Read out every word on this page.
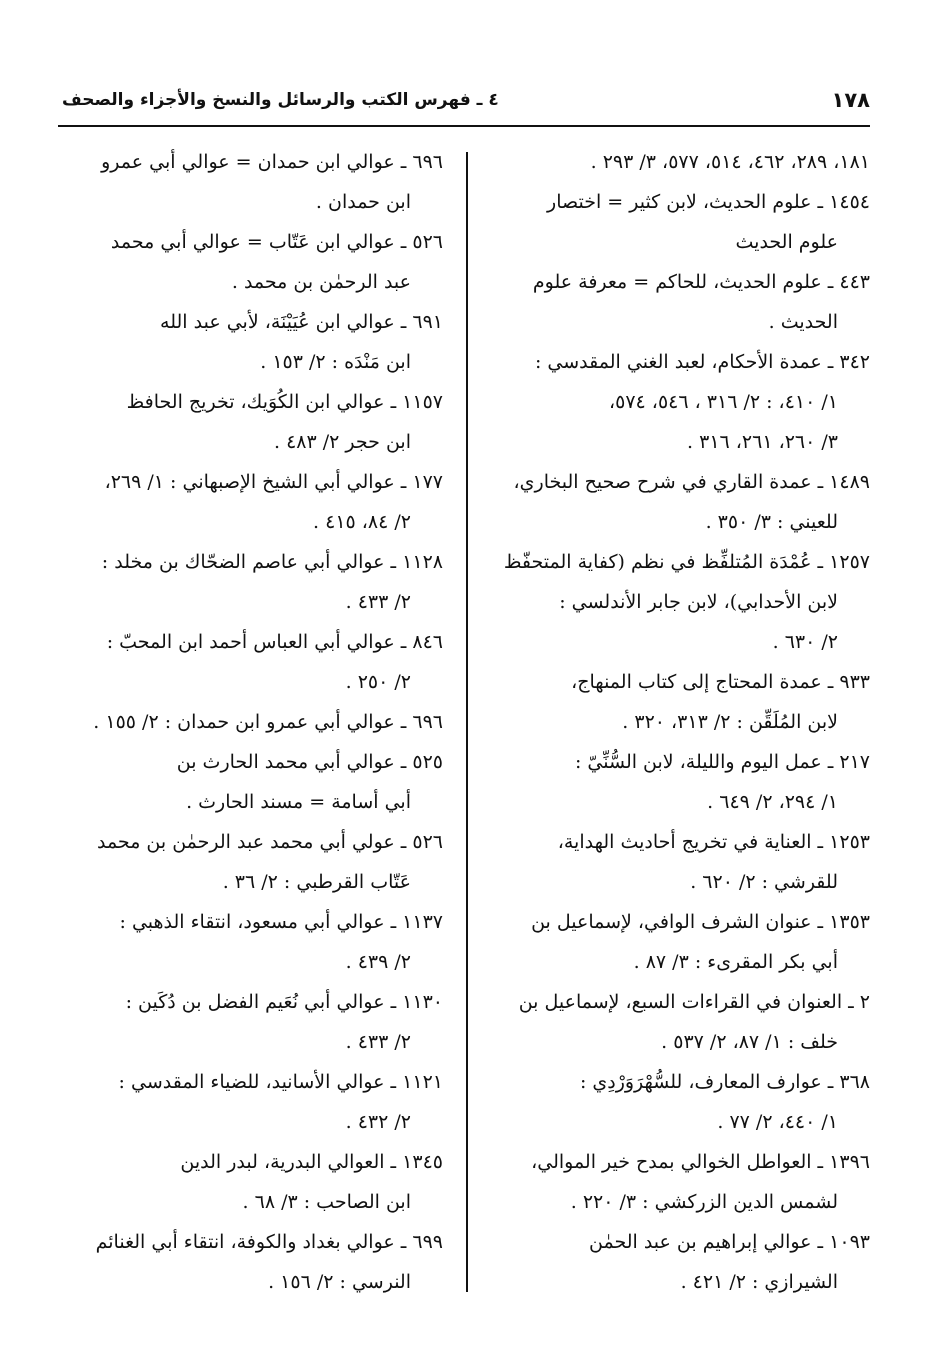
١٧٨
٤ ـ فهرس الكتب والرسائل والنسخ والأجزاء والصحف
١٨١، ٢٨٩، ٤٦٢، ٥١٤، ٥٧٧، ٣/ ٢٩٣ .
١٤٥٤ ـ علوم الحديث، لابن كثير = اختصار
علوم الحديث
٤٤٣ ـ علوم الحديث، للحاكم = معرفة علوم
الحديث .
٣٤٢ ـ عمدة الأحكام، لعبد الغني المقدسي :
١/ ٤١٠، : ٢/ ٣١٦ ، ٥٤٦، ٥٧٤،
٣/ ٢٦٠، ٢٦١، ٣١٦ .
١٤٨٩ ـ عمدة القاري في شرح صحيح البخاري،
للعيني : ٣/ ٣٥٠ .
١٢٥٧ ـ عُمْدَة المُتلفِّظ في نظم (كفاية المتحفّظ
لابن الأحدابي)، لابن جابر الأندلسي :
٢/ ٦٣٠ .
٩٣٣ ـ عمدة المحتاج إلى كتاب المنهاج،
لابن المُلَقِّن : ٢/ ٣١٣، ٣٢٠ .
٢١٧ ـ عمل اليوم والليلة، لابن السُّنِّيّ :
١/ ٢٩٤، ٢/ ٦٤٩ .
١٢٥٣ ـ العناية في تخريج أحاديث الهداية،
للقرشي : ٢/ ٦٢٠ .
١٣٥٣ ـ عنوان الشرف الوافي، لإسماعيل بن
أبي بكر المقرىء : ٣/ ٨٧ .
٢ ـ العنوان في القراءات السبع، لإسماعيل بن
خلف : ١/ ٨٧، ٢/ ٥٣٧ .
٣٦٨ ـ عوارف المعارف، للسُّهْرَوَرْدِي :
١/ ٤٤٠، ٢/ ٧٧ .
١٣٩٦ ـ العواطل الخوالي بمدح خير الموالي،
لشمس الدين الزركشي : ٣/ ٢٢٠ .
١٠٩٣ ـ عوالي إبراهيم بن عبد الحمٰن
الشيرازي : ٢/ ٤٢١ .
٦٩٦ ـ عوالي ابن حمدان = عوالي أبي عمرو
ابن حمدان .
٥٢٦ ـ عوالي ابن عَتّاب = عوالي أبي محمد
عبد الرحمٰن بن محمد .
٦٩١ ـ عوالي ابن عُيَيْنَة، لأبي عبد الله
ابن مَنْدَه : ٢/ ١٥٣ .
١١٥٧ ـ عوالي ابن الكُوَيك، تخريج الحافظ
ابن حجر ٢/ ٤٨٣ .
١٧٧ ـ عوالي أبي الشيخ الإصبهاني : ١/ ٢٦٩،
٢/ ٨٤، ٤١٥ .
١١٢٨ ـ عوالي أبي عاصم الضحّاك بن مخلد :
٢/ ٤٣٣ .
٨٤٦ ـ عوالي أبي العباس أحمد ابن المحبّ :
٢/ ٢٥٠ .
٦٩٦ ـ عوالي أبي عمرو ابن حمدان : ٢/ ١٥٥ .
٥٢٥ ـ عوالي أبي محمد الحارث بن
أبي أسامة = مسند الحارث .
٥٢٦ ـ عولي أبي محمد عبد الرحمٰن بن محمد
عَتّاب القرطبي : ٢/ ٣٦ .
١١٣٧ ـ عوالي أبي مسعود، انتقاء الذهبي :
٢/ ٤٣٩ .
١١٣٠ ـ عوالي أبي نُعَيم الفضل بن دُكَين :
٢/ ٤٣٣ .
١١٢١ ـ عوالي الأسانيد، للضياء المقدسي :
٢/ ٤٣٢ .
١٣٤٥ ـ العوالي البدرية، لبدر الدين
ابن الصاحب : ٣/ ٦٨ .
٦٩٩ ـ عوالي بغداد والكوفة، انتقاء أبي الغنائم
النرسي : ٢/ ١٥٦ .
